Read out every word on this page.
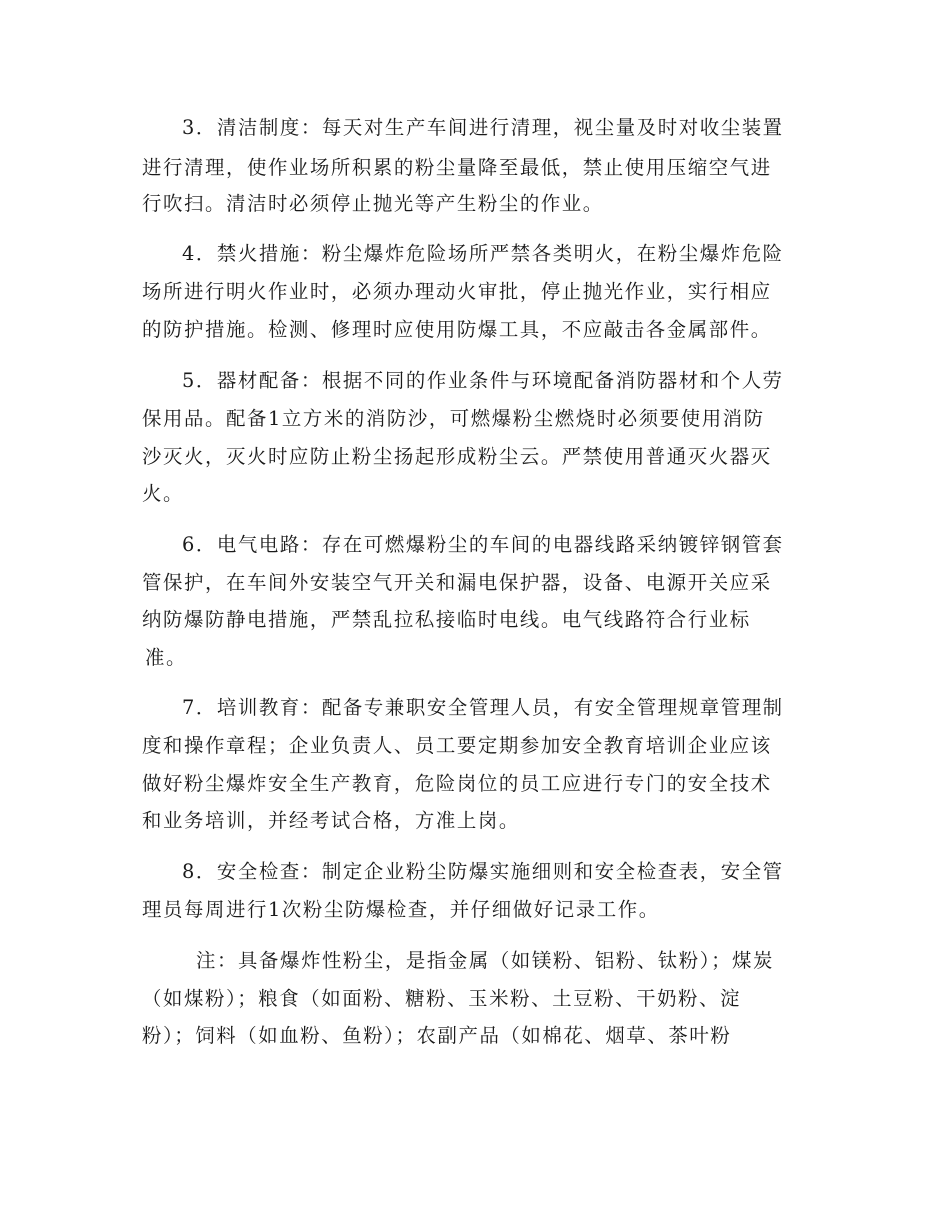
3．清洁制度：每天对生产车间进行清理，视尘量及时对收尘装置
进行清理，使作业场所积累的粉尘量降至最低，禁止使用压缩空气进
行吹扫。清洁时必须停止抛光等产生粉尘的作业。
4．禁火措施：粉尘爆炸危险场所严禁各类明火，在粉尘爆炸危险
场所进行明火作业时，必须办理动火审批，停止抛光作业，实行相应
的防护措施。检测、修理时应使用防爆工具，不应敲击各金属部件。
5．器材配备：根据不同的作业条件与环境配备消防器材和个人劳
保用品。配备1立方米的消防沙，可燃爆粉尘燃烧时必须要使用消防
沙灭火，灭火时应防止粉尘扬起形成粉尘云。严禁使用普通灭火器灭
火。
6．电气电路：存在可燃爆粉尘的车间的电器线路采纳镀锌钢管套
管保护，在车间外安装空气开关和漏电保护器，设备、电源开关应采
纳防爆防静电措施，严禁乱拉私接临时电线。电气线路符合行业标
准。
7．培训教育：配备专兼职安全管理人员，有安全管理规章管理制
度和操作章程；企业负责人、员工要定期参加安全教育培训企业应该
做好粉尘爆炸安全生产教育，危险岗位的员工应进行专门的安全技术
和业务培训，并经考试合格，方准上岗。
8．安全检查：制定企业粉尘防爆实施细则和安全检查表，安全管
理员每周进行1次粉尘防爆检查，并仔细做好记录工作。
注：具备爆炸性粉尘，是指金属（如镁粉、铝粉、钛粉）；煤炭
（如煤粉）；粮食（如面粉、糖粉、玉米粉、土豆粉、干奶粉、淀
粉）；饲料（如血粉、鱼粉）；农副产品（如棉花、烟草、茶叶粉
